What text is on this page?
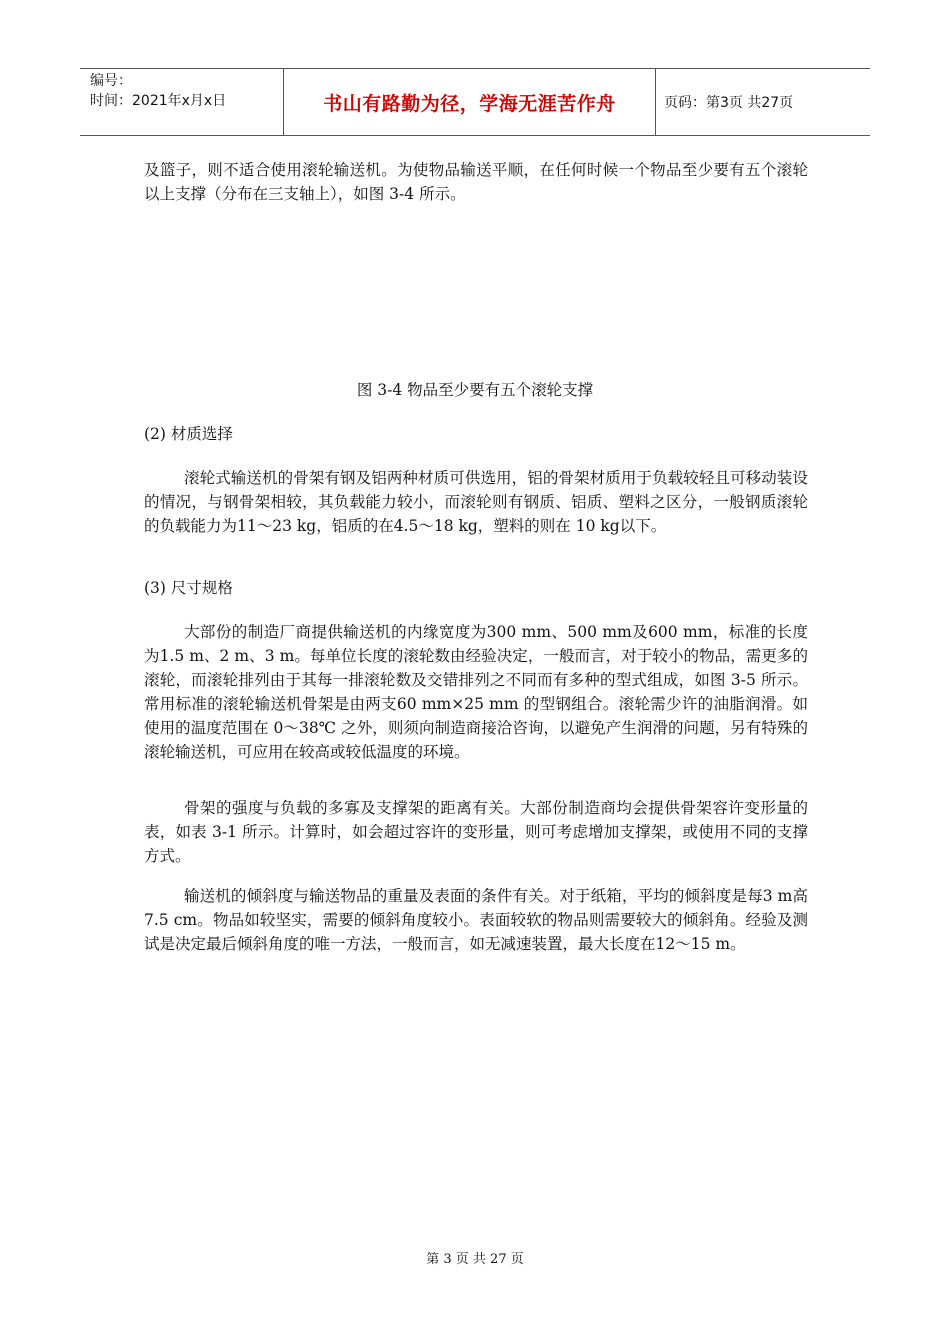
编号：
时间：2021年x月x日	书山有路勤为径，学海无涯苦作舟	页码：第3页 共27页

及篮子，则不适合使用滚轮输送机。为使物品输送平顺，在任何时候一个物品至少要有五个滚轮以上支撑（分布在三支轴上），如图 3-4 所示。

图 3-4 物品至少要有五个滚轮支撑

(2) 材质选择

滚轮式输送机的骨架有钢及铝两种材质可供选用，铝的骨架材质用于负载较轻且可移动装设的情况，与钢骨架相较，其负载能力较小，而滚轮则有钢质、铝质、塑料之区分，一般钢质滚轮的负载能力为11～23 kg，铝质的在4.5～18 kg，塑料的则在 10 kg以下。

(3) 尺寸规格

大部份的制造厂商提供输送机的内缘宽度为300 mm、500 mm及600 mm，标准的长度为1.5 m、2 m、3 m。每单位长度的滚轮数由经验决定，一般而言，对于较小的物品，需更多的滚轮，而滚轮排列由于其每一排滚轮数及交错排列之不同而有多种的型式组成，如图 3-5 所示。常用标准的滚轮输送机骨架是由两支60 mm×25 mm 的型钢组合。滚轮需少许的油脂润滑。如使用的温度范围在 0～38℃ 之外，则须向制造商接洽咨询，以避免产生润滑的问题，另有特殊的滚轮输送机，可应用在较高或较低温度的环境。

骨架的强度与负载的多寡及支撑架的距离有关。大部份制造商均会提供骨架容许变形量的表，如表 3-1 所示。计算时，如会超过容许的变形量，则可考虑增加支撑架，或使用不同的支撑方式。

输送机的倾斜度与输送物品的重量及表面的条件有关。对于纸箱，平均的倾斜度是每3 m高7.5 cm。物品如较坚实，需要的倾斜角度较小。表面较软的物品则需要较大的倾斜角。经验及测试是决定最后倾斜角度的唯一方法，一般而言，如无减速装置，最大长度在12～15 m。

第 3 页 共 27 页
